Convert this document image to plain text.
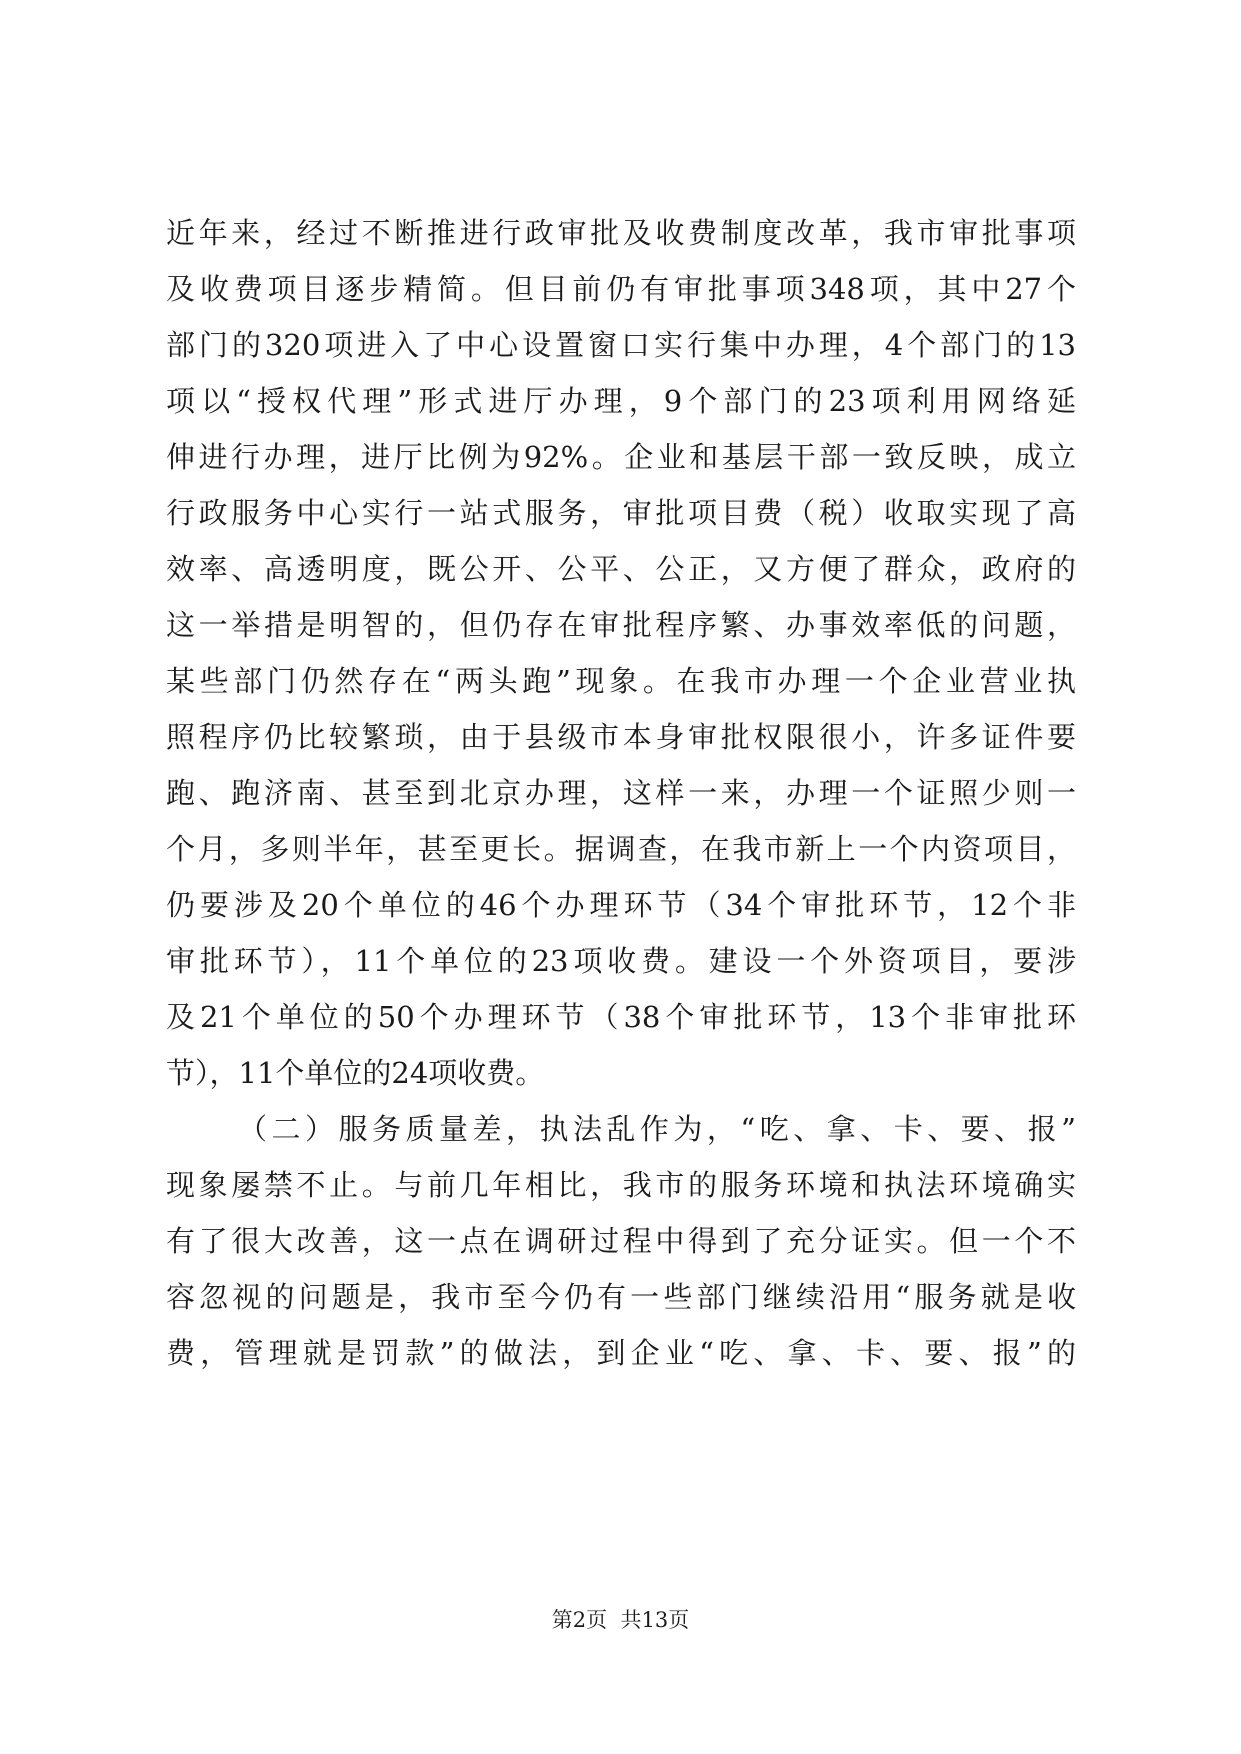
近年来，经过不断推进行政审批及收费制度改革，我市审批事项
及收费项目逐步精简。但目前仍有审批事项348项，其中27个
部门的320项进入了中心设置窗口实行集中办理，4个部门的13
项以“授权代理”形式进厅办理，9个部门的23项利用网络延
伸进行办理，进厅比例为92%。企业和基层干部一致反映，成立
行政服务中心实行一站式服务，审批项目费（税）收取实现了高
效率、高透明度，既公开、公平、公正，又方便了群众，政府的
这一举措是明智的，但仍存在审批程序繁、办事效率低的问题，
某些部门仍然存在“两头跑”现象。在我市办理一个企业营业执
照程序仍比较繁琐，由于县级市本身审批权限很小，许多证件要
跑、跑济南、甚至到北京办理，这样一来，办理一个证照少则一
个月，多则半年，甚至更长。据调查，在我市新上一个内资项目，
仍要涉及20个单位的46个办理环节（34个审批环节，12个非
审批环节），11个单位的23项收费。建设一个外资项目，要涉
及21个单位的50个办理环节（38个审批环节，13个非审批环
节），11个单位的24项收费。
（二）服务质量差，执法乱作为，“吃、拿、卡、要、报”
现象屡禁不止。与前几年相比，我市的服务环境和执法环境确实
有了很大改善，这一点在调研过程中得到了充分证实。但一个不
容忽视的问题是，我市至今仍有一些部门继续沿用“服务就是收
费，管理就是罚款”的做法，到企业“吃、拿、卡、要、报”的
第2页  共13页
